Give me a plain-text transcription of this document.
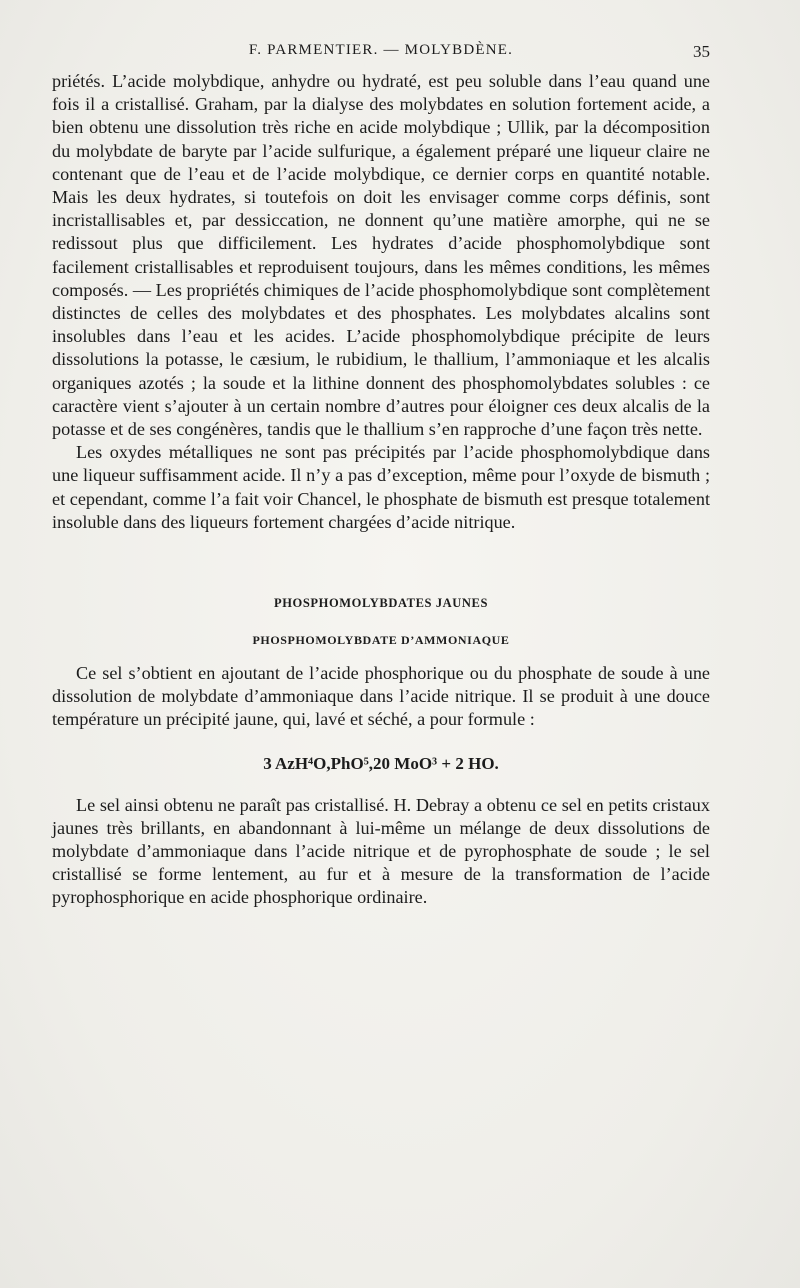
F. PARMENTIER. — MOLYBDÈNE.	35

priétés. L’acide molybdique, anhydre ou hydraté, est peu soluble dans l’eau quand une fois il a cristallisé. Graham, par la dialyse des molybdates en solution fortement acide, a bien obtenu une dissolution très riche en acide molybdique ; Ullik, par la décomposition du molybdate de baryte par l’acide sulfurique, a également préparé une liqueur claire ne contenant que de l’eau et de l’acide molybdique, ce dernier corps en quantité notable. Mais les deux hydrates, si toutefois on doit les envisager comme corps définis, sont incristallisables et, par dessiccation, ne donnent qu’une matière amorphe, qui ne se redissout plus que difficilement. Les hydrates d’acide phosphomolybdique sont facilement cristallisables et reproduisent toujours, dans les mêmes conditions, les mêmes composés. — Les propriétés chimiques de l’acide phosphomolybdique sont complètement distinctes de celles des molybdates et des phosphates. Les molybdates alcalins sont insolubles dans l’eau et les acides. L’acide phosphomolybdique précipite de leurs dissolutions la potasse, le cæsium, le rubidium, le thallium, l’ammoniaque et les alcalis organiques azotés ; la soude et la lithine donnent des phosphomolybdates solubles : ce caractère vient s’ajouter à un certain nombre d’autres pour éloigner ces deux alcalis de la potasse et de ses congénères, tandis que le thallium s’en rapproche d’une façon très nette.

Les oxydes métalliques ne sont pas précipités par l’acide phosphomolybdique dans une liqueur suffisamment acide. Il n’y a pas d’exception, même pour l’oxyde de bismuth ; et cependant, comme l’a fait voir Chancel, le phosphate de bismuth est presque totalement insoluble dans des liqueurs fortement chargées d’acide nitrique.

PHOSPHOMOLYBDATES JAUNES
PHOSPHOMOLYBDATE D’AMMONIAQUE

Ce sel s’obtient en ajoutant de l’acide phosphorique ou du phosphate de soude à une dissolution de molybdate d’ammoniaque dans l’acide nitrique. Il se produit à une douce température un précipité jaune, qui, lavé et séché, a pour formule :

3 AzH⁴O,PhO⁵,20 MoO³ + 2 HO.

Le sel ainsi obtenu ne paraît pas cristallisé. H. Debray a obtenu ce sel en petits cristaux jaunes très brillants, en abandonnant à lui-même un mélange de deux dissolutions de molybdate d’ammoniaque dans l’acide nitrique et de pyrophosphate de soude ; le sel cristallisé se forme lentement, au fur et à mesure de la transformation de l’acide pyrophosphorique en acide phosphorique ordinaire.
